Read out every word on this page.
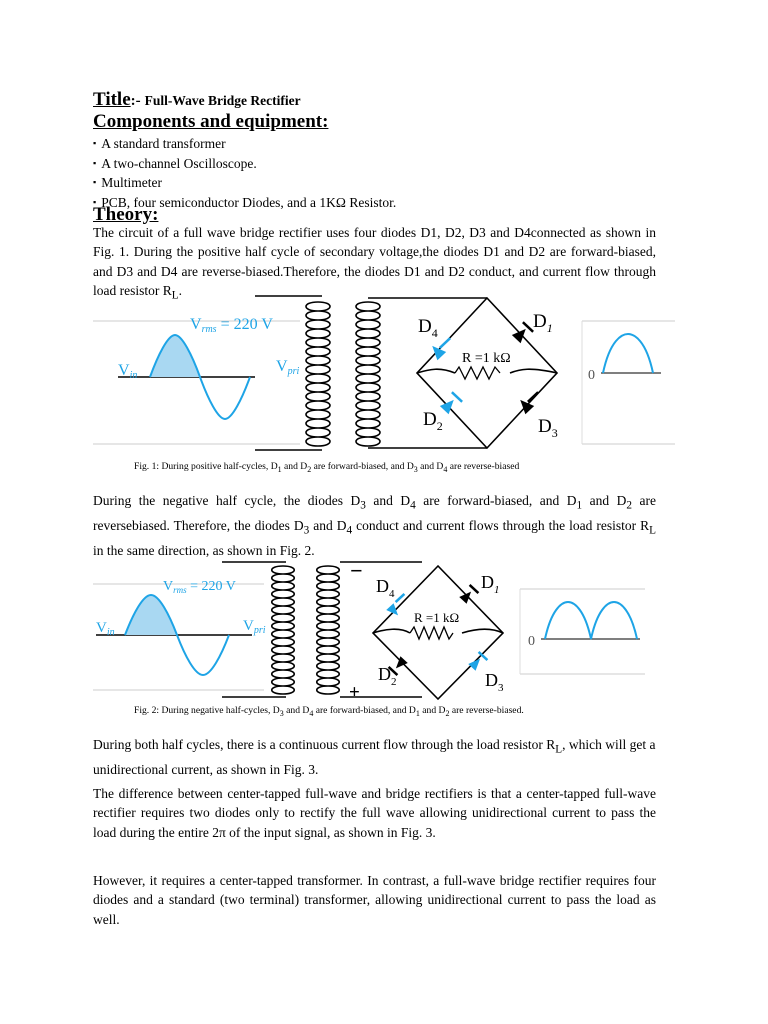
Title:- Full-Wave Bridge Rectifier
Components and equipment:
▪ A standard transformer
▪ A two-channel Oscilloscope.
▪ Multimeter
▪ PCB, four semiconductor Diodes, and a 1KΩ Resistor.
Theory:

The circuit of a full wave bridge rectifier uses four diodes D1, D2, D3 and D4connected as shown in Fig. 1. During the positive half cycle of secondary voltage,the diodes D1 and D2 are forward-biased, and D3 and D4 are reverse-biased.Therefore, the diodes D1 and D2 conduct, and current flow through load resistor $R_L$.

Vrms = 220 V
Vin
Vpri
$D_4$
$D_1$
$D_2$	$D_3$
R =1 kΩ
0

Fig. 1: During positive half-cycles, $D_1$ and $D_2$ are forward-biased, and $D_3$ and $D_4$ are reverse-biased

During the negative half cycle, the diodes $D_3$ and $D_4$ are forward-biased, and $D_1$ and $D_2$ are reversebiased. Therefore, the diodes $D_3$ and $D_4$ conduct and current flows through the load resistor $R_L$ in the same direction, as shown in Fig. 2.

$V_{rms} = 220$ V
$V_{in}$	$V_{pri}$
−
+
$D_4$
$D_1$
$D_2$	$D_3$
R =1 kΩ
0

Fig. 2: During negative half-cycles, $D_3$ and $D_4$ are forward-biased, and $D_1$ and $D_2$ are reverse-biased.

During both half cycles, there is a continuous current flow through the load resistor $R_L$, which will get a unidirectional current, as shown in Fig. 3.

The difference between center-tapped full-wave and bridge rectifiers is that a center-tapped full-wave rectifier requires two diodes only to rectify the full wave allowing unidirectional current to pass the load during the entire 2π of the input signal, as shown in Fig. 3.

However, it requires a center-tapped transformer. In contrast, a full-wave bridge rectifier requires four diodes and a standard (two terminal) transformer, allowing unidirectional current to pass the load as well.
